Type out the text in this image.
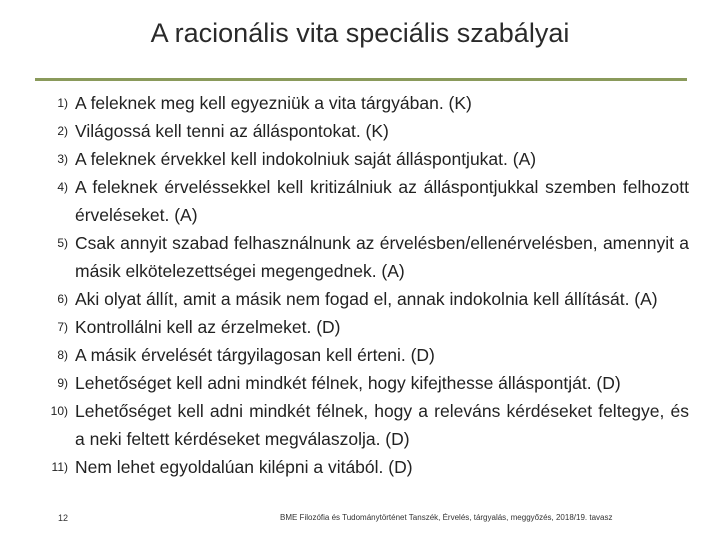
A racionális vita speciális szabályai
1) A feleknek meg kell egyezniük a vita tárgyában. (K)
2) Világossá kell tenni az álláspontokat. (K)
3) A feleknek érvekkel kell indokolniuk saját álláspontjukat. (A)
4) A feleknek érveléssekkel kell kritizálniuk az álláspontjukkal szemben felhozott érveléseket. (A)
5) Csak annyit szabad felhasználnunk az érvelésben/ellenérvelésben, amennyit a másik elkötelezettségei megengednek. (A)
6) Aki olyat állít, amit a másik nem fogad el, annak indokolnia kell állítását. (A)
7) Kontrollálni kell az érzelmeket. (D)
8) A másik érvelését tárgyilagosan kell érteni. (D)
9) Lehetőséget kell adni mindkét félnek, hogy kifejthesse álláspontját. (D)
10) Lehetőséget kell adni mindkét félnek, hogy a releváns kérdéseket feltegye, és a neki feltett kérdéseket megválaszolja. (D)
11) Nem lehet egyoldalúan kilépni a vitából. (D)
12	BME Filozófia és Tudománytörténet Tanszék, Érvelés, tárgyalás, meggyőzés, 2018/19. tavasz
